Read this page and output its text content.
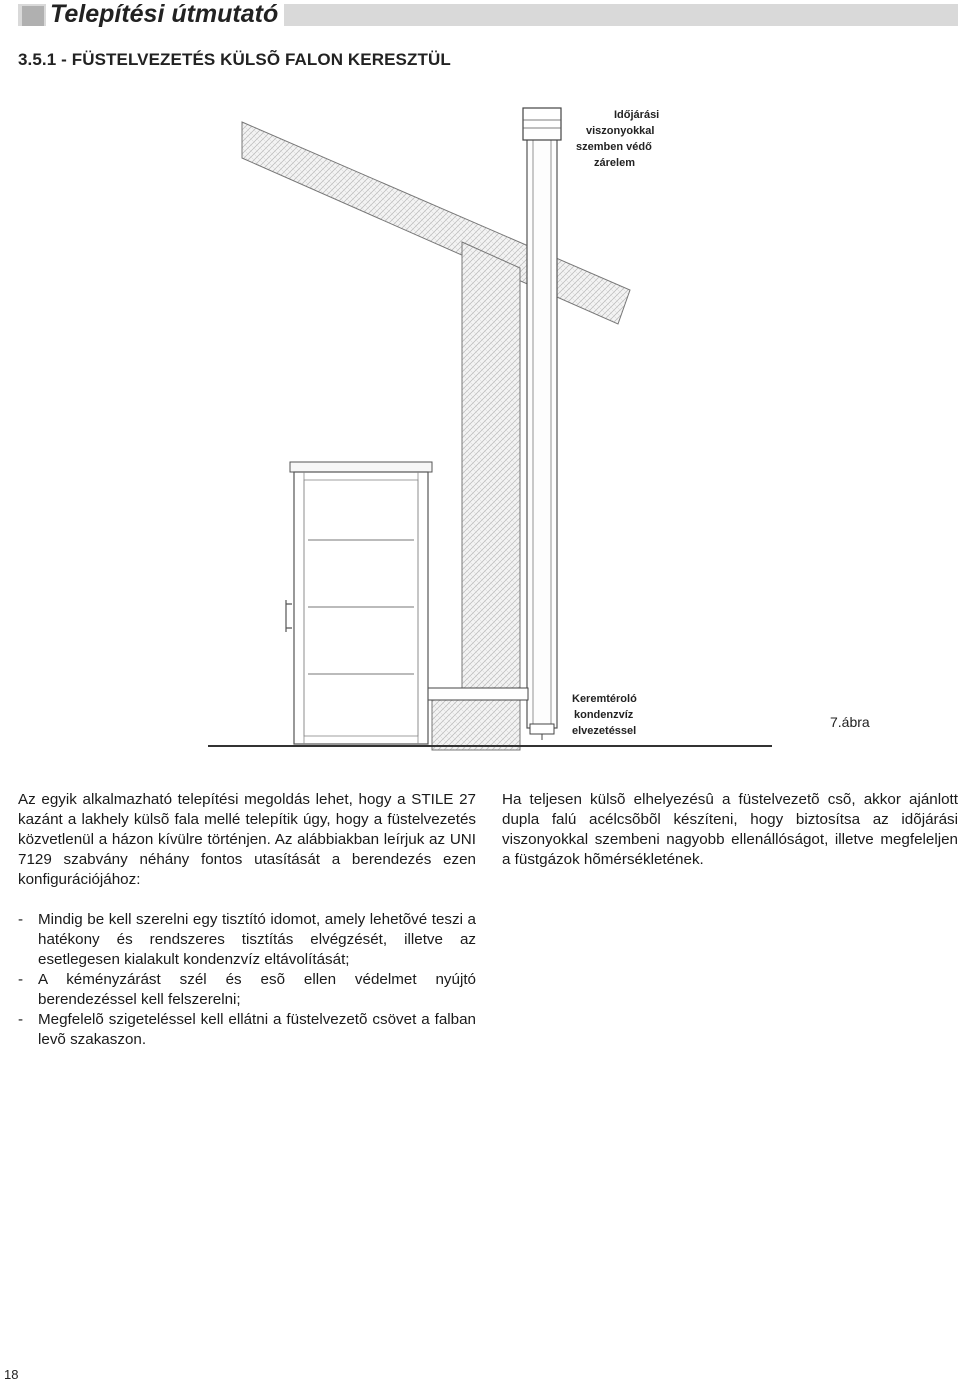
Telepítési útmutató
3.5.1 - FÜSTELVEZETÉS KÜLSÕ FALON KERESZTÜL
Időjárási viszonyokkal szemben védő zárelem
Keremtéroló kondenzvíz elvezetéssel
7.ábra
Az egyik alkalmazható telepítési megoldás lehet, hogy a STILE 27 kazánt a lakhely külsõ fala mellé telepítik úgy, hogy a füstelvezetés közvetlenül a házon kívülre történjen. Az alábbiakban leírjuk az UNI 7129 szabvány néhány fontos utasítását a berendezés ezen konfigurációjához:
Ha teljesen külsõ elhelyezésû a füstelvezetõ csõ, akkor ajánlott dupla falú acélcsõbõl készíteni, hogy biztosítsa az idõjárási viszonyokkal szembeni nagyobb ellenállóságot, illetve megfeleljen a füstgázok hõmérsékletének.
- Mindig be kell szerelni egy tisztító idomot, amely lehetõvé teszi a hatékony és rendszeres tisztítás elvégzését, illetve az esetlegesen kialakult kondenzvíz eltávolítását;
- A kéményzárást szél és esõ ellen védelmet nyújtó berendezéssel kell felszerelni;
- Megfelelõ szigeteléssel kell ellátni a füstelvezetõ csövet a falban levõ szakaszon.
18
